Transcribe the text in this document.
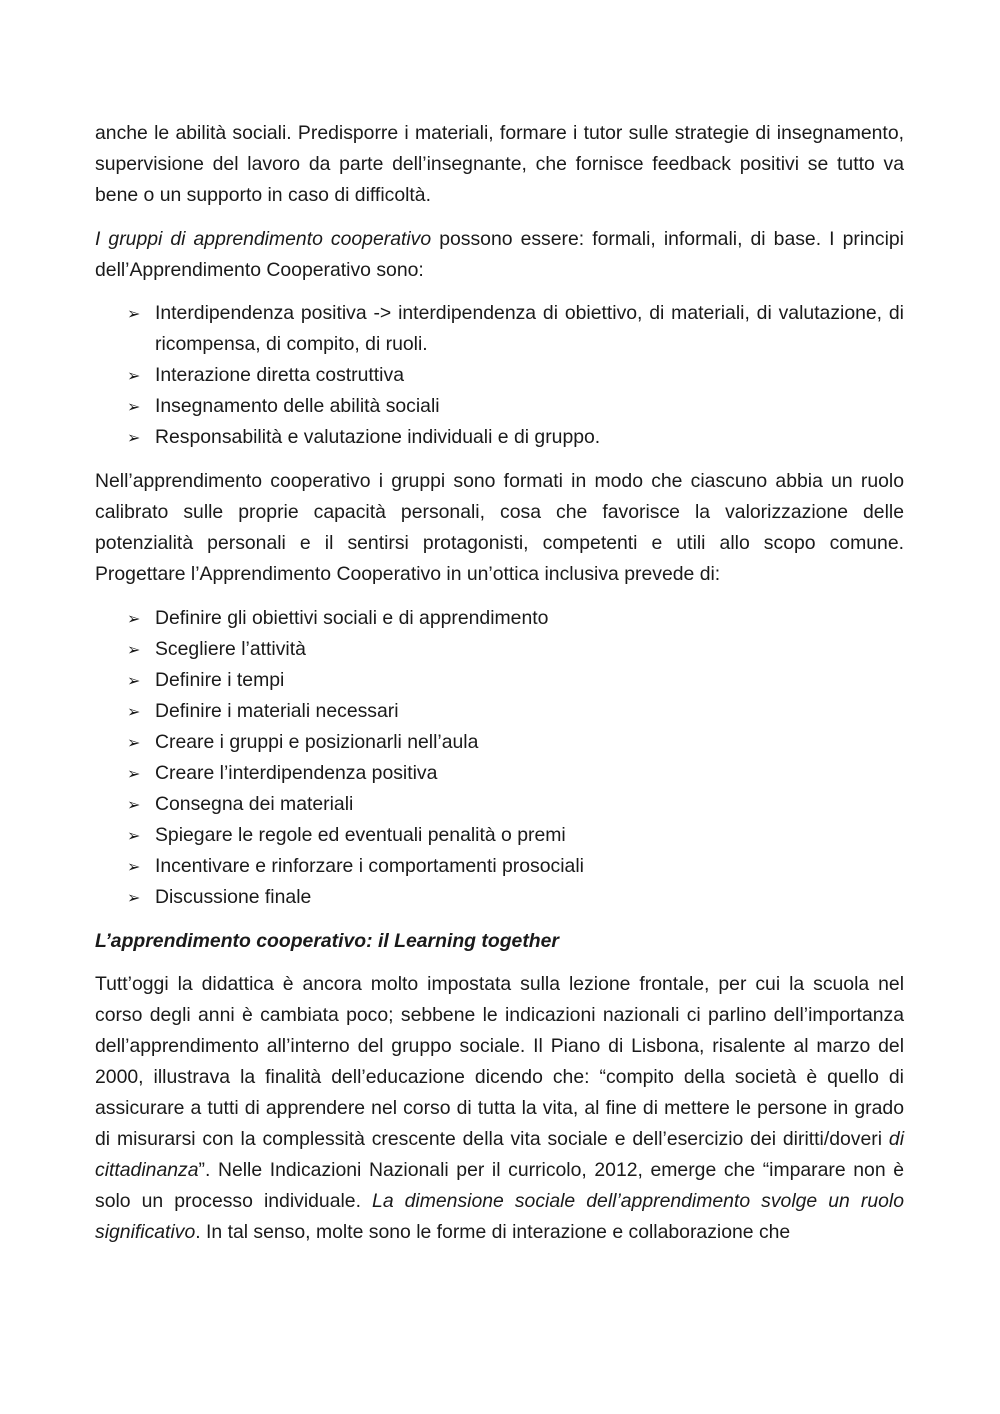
anche le abilità sociali. Predisporre i materiali, formare i tutor sulle strategie di insegnamento, supervisione del lavoro da parte dell’insegnante, che fornisce feedback positivi se tutto va bene o un supporto in caso di difficoltà.

I gruppi di apprendimento cooperativo possono essere: formali, informali, di base. I principi dell’Apprendimento Cooperativo sono:

➢ Interdipendenza positiva -> interdipendenza di obiettivo, di materiali, di valutazione, di ricompensa, di compito, di ruoli.
➢ Interazione diretta costruttiva
➢ Insegnamento delle abilità sociali
➢ Responsabilità e valutazione individuali e di gruppo.

Nell’apprendimento cooperativo i gruppi sono formati in modo che ciascuno abbia un ruolo calibrato sulle proprie capacità personali, cosa che favorisce la valorizzazione delle potenzialità personali e il sentirsi protagonisti, competenti e utili allo scopo comune. Progettare l’Apprendimento Cooperativo in un’ottica inclusiva prevede di:

➢ Definire gli obiettivi sociali e di apprendimento
➢ Scegliere l’attività
➢ Definire i tempi
➢ Definire i materiali necessari
➢ Creare i gruppi e posizionarli nell’aula
➢ Creare l’interdipendenza positiva
➢ Consegna dei materiali
➢ Spiegare le regole ed eventuali penalità o premi
➢ Incentivare e rinforzare i comportamenti prosociali
➢ Discussione finale
L’apprendimento cooperativo: il Learning together

Tutt’oggi la didattica è ancora molto impostata sulla lezione frontale, per cui la scuola nel corso degli anni è cambiata poco; sebbene le indicazioni nazionali ci parlino dell’importanza dell’apprendimento all’interno del gruppo sociale. Il Piano di Lisbona, risalente al marzo del 2000, illustrava la finalità dell’educazione dicendo che: “compito della società è quello di assicurare a tutti di apprendere nel corso di tutta la vita, al fine di mettere le persone in grado di misurarsi con la complessità crescente della vita sociale e dell’esercizio dei diritti/doveri di cittadinanza”. Nelle Indicazioni Nazionali per il curricolo, 2012, emerge che “imparare non è solo un processo individuale. La dimensione sociale dell’apprendimento svolge un ruolo significativo. In tal senso, molte sono le forme di interazione e collaborazione che
